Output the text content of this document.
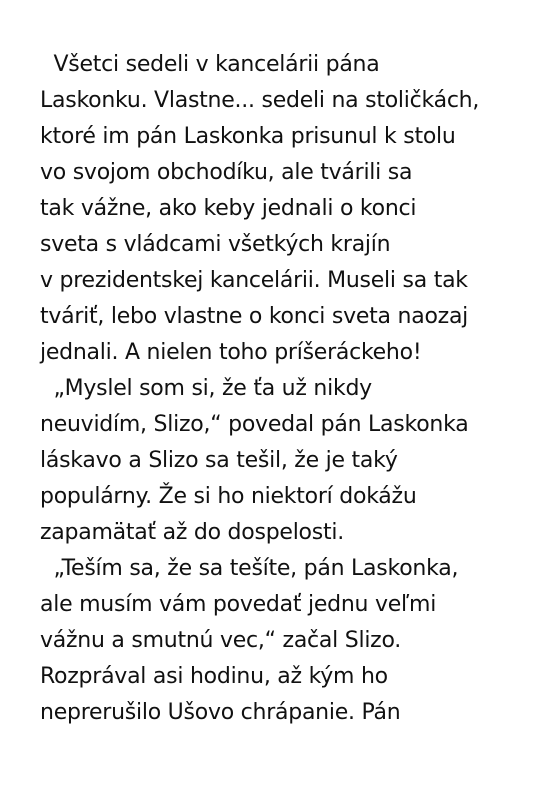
Všetci sedeli v kancelárii pána
Laskonku. Vlastne... sedeli na stoličkách,
ktoré im pán Laskonka prisunul k stolu
vo svojom obchodíku, ale tvárili sa
tak vážne, ako keby jednali o konci
sveta s vládcami všetkých krajín
v prezidentskej kancelárii. Museli sa tak
tváriť, lebo vlastne o konci sveta naozaj
jednali. A nielen toho príšeráckeho!
„Myslel som si, že ťa už nikdy
neuvidím, Slizo,“ povedal pán Laskonka
láskavo a Slizo sa tešil, že je taký
populárny. Že si ho niektorí dokážu
zapamätať až do dospelosti.
„Teším sa, že sa tešíte, pán Laskonka,
ale musím vám povedať jednu veľmi
vážnu a smutnú vec,“ začal Slizo.
Rozprával asi hodinu, až kým ho
neprerušilo Ušovo chrápanie. Pán
